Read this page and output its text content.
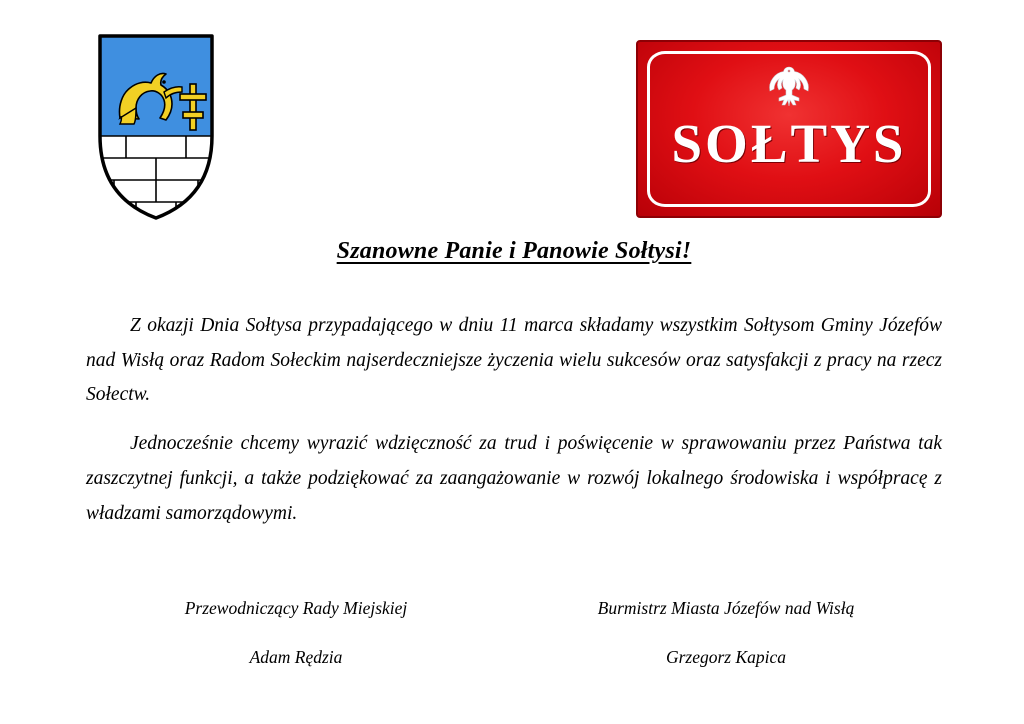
SOŁTYS
Szanowne Panie i Panowie Sołtysi!

Z okazji Dnia Sołtysa przypadającego w dniu 11 marca składamy wszystkim Sołtysom Gminy Józefów nad Wisłą oraz Radom Sołeckim najserdeczniejsze życzenia wielu sukcesów oraz satysfakcji z pracy na rzecz Sołectw.

Jednocześnie chcemy wyrazić wdzięczność za trud i poświęcenie w sprawowaniu przez Państwa tak zaszczytnej funkcji, a także podziękować za zaangażowanie w rozwój lokalnego środowiska i współpracę z władzami samorządowymi.

Przewodniczący Rady Miejskiej
Adam Rędzia
Burmistrz Miasta Józefów nad Wisłą
Grzegorz Kapica
